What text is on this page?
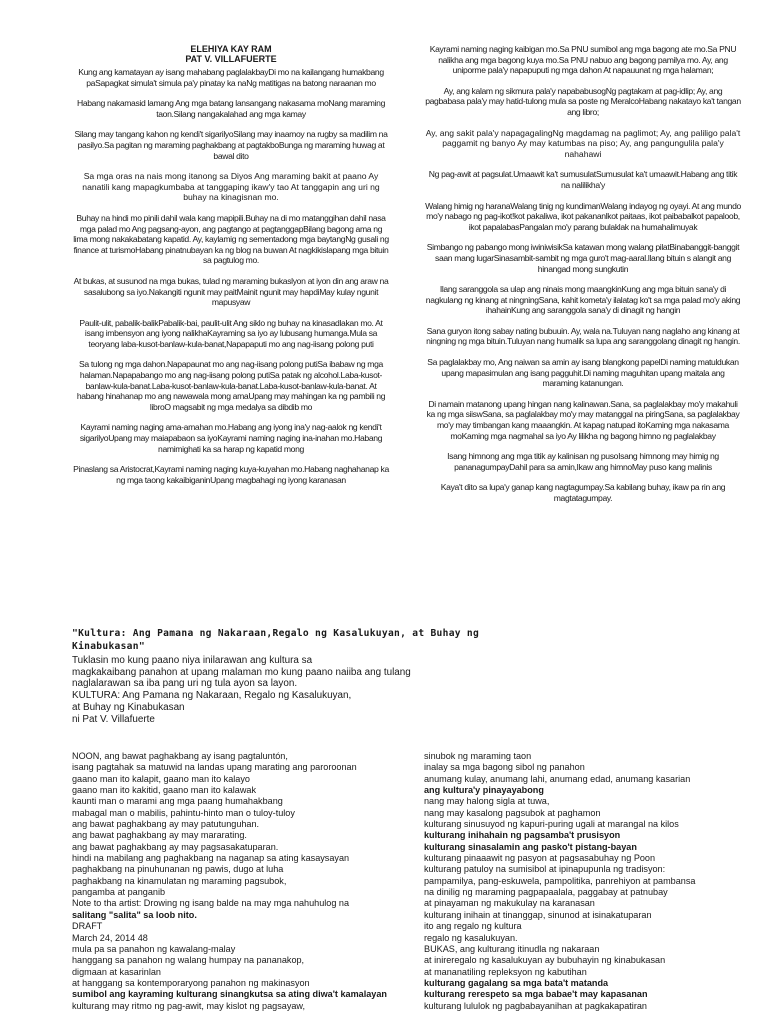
ELEHIYA KAY RAM
PAT V. VILLAFUERTE

Kung ang kamatayan ay isang mahabang paglalakbayDi mo na kailangang humakbang paSapagkat simula't simula pa'y pinatay ka naNg matitigas na batong naraanan mo

Habang nakamasid lamang Ang mga batang lansangang nakasama moNang maraming taon.Silang nangakalahad ang mga kamay

Silang may tangang kahon ng kendi't sigarilyoSilang may inaamoy na rugby sa madilim na pasilyo.Sa pagitan ng maraming paghakbang at pagtakboBunga ng maraming huwag at bawal dito

Sa mga oras na nais mong itanong sa Diyos Ang maraming bakit at paano Ay nanatili kang mapagkumbaba at tanggaping ikaw'y tao At tanggapin ang uri ng buhay na kinagisnan mo.

Buhay na hindi mo pinili dahil wala kang mapipili.Buhay na di mo matanggihan dahil nasa mga palad mo Ang pagsang-ayon, ang pagtango at pagtanggapBilang bagong ama ng lima mong nakakabatang kapatid. Ay, kaylamig ng sementadong mga baytangNg gusali ng finance at turismoHabang pinatnubayan ka ng blog na buwan At nagkikislapang mga bituin sa pagtulog mo.

At bukas, at susunod na mga bukas, tulad ng maraming bukaslyon at iyon din ang araw na sasalubong sa iyo.Nakangiti ngunit may paitMainit ngunit may hapdiMay kulay ngunit mapusyaw

Paulit-ulit, pabalik-balikPabalik-bai, paulit-ulit Ang siklo ng buhay na kinasadlakan mo. At isang imbensyon ang iyong nalikhaKayraming sa iyo ay lubusang humanga.Mula sa teoryang laba-kusot-banlaw-kula-banat,Napapaputi mo ang nag-iisang polong puti

Sa tulong ng mga dahon.Napapaunat mo ang nag-iisang polong putiSa ibabaw ng mga halaman.Napapabango mo ang nag-iisang polong putiSa patak ng alcohol.Laba-kusot-banlaw-kula-banat.Laba-kusot-banlaw-kula-banat.Laba-kusot-banlaw-kula-banat. At habang hinahanap mo ang nawawala mong amaUpang may mahingan ka ng pambili ng libroO magsabit ng mga medalya sa dibdib mo

Kayrami naming naging ama-amahan mo.Habang ang iyong ina'y nag-aalok ng kendi't sigarilyoUpang may maiapabaon sa iyoKayrami naming naging ina-inahan mo.Habang namimighati ka sa harap ng kapatid mong

Pinaslang sa Aristocrat,Kayrami naming naging kuya-kuyahan mo.Habang naghahanap ka ng mga taong kakaibiganinUpang magbahagi ng iyong karanasan

Kayrami naming naging kaibigan mo.Sa PNU sumibol ang mga bagong ate mo.Sa PNU nalikha ang mga bagong kuya mo.Sa PNU nabuo ang bagong pamilya mo. Ay, ang uniporme pala'y napapuputi ng mga dahon At napauunat ng mga halaman;

Ay, ang kalam ng sikmura pala'y napababusogNg pagtakam at pag-idlip; Ay, ang pagbabasa pala'y may hatid-tulong mula sa poste ng MeralcoHabang nakatayo ka't tangan ang libro;

Ay, ang sakit pala'y napagagalingNg magdamag na paglimot; Ay, ang paliligo pala't paggamit ng banyo Ay may katumbas na piso; Ay, ang pangungulila pala'y nahahawi

Ng pag-awit at pagsulat.Umaawit ka't sumusulatSumusulat ka't umaawit.Habang ang titik na nalilikha'y

Walang himig ng haranaWalang tinig ng kundimanWalang indayog ng oyayi. At ang mundo mo'y nabago ng pag-ikot!kot pakaliwa, ikot pakananlkot paitaas, ikot paibabalkot papaloob, ikot papalabasPangalan mo'y parang bulaklak na humahalimuyak

Simbango ng pabango mong iwiniwisikSa katawan mong walang pilatBinabanggit-banggit saan mang lugarSinasambit-sambit ng mga guro't mag-aaral.llang bituin s alangit ang hinangad mong sungkutin

Ilang saranggola sa ulap ang ninais mong maangkinKung ang mga bituin sana'y di nagkulang ng kinang at ningningSana, kahit kometa'y ilalatag ko't sa mga palad mo'y aking ihahainKung ang saranggola sana'y di dinagit ng hangin

Sana guryon itong sabay nating bubuuin. Ay, wala na.Tuluyan nang naglaho ang kinang at ningning ng mga bituin.Tuluyan nang humalik sa lupa ang saranggolang dinagit ng hangin.

Sa paglalakbay mo, Ang naiwan sa amin ay isang blangkong papelDi naming matuldukan upang mapasimulan ang isang pagguhit.Di naming maguhitan upang maitala ang maraming katanungan.

Di namain matanong upang hingan nang kalinawan.Sana, sa paglalakbay mo'y makahuli ka ng mga siiswSana, sa paglalakbay mo'y may matanggal na piringSana, sa paglalakbay mo'y may timbangan kang maaangkin. At kapag natupad itoKaming mga nakasama moKaming mga nagmahal sa iyo Ay lilikha ng bagong himno ng paglalakbay

Isang himnong ang mga titik ay kalinisan ng pusoIsang himnong may himig ng pananagumpayDahil para sa amin,Ikaw ang himnoMay puso kang malinis

Kaya't dito sa lupa'y ganap kang nagtagumpay.Sa kabilang buhay, ikaw pa rin ang magtatagumpay.

"Kultura: Ang Pamana ng Nakaraan,Regalo ng Kasalukuyan, at Buhay ng
Kinabukasan"
Tuklasin mo kung paano niya inilarawan ang kultura sa
magkakaibang panahon at upang malaman mo kung paano naiiba ang tulang
naglalarawan sa iba pang uri ng tula ayon sa layon.
KULTURA: Ang Pamana ng Nakaraan, Regalo ng Kasalukuyan,
at Buhay ng Kinabukasan
ni Pat V. Villafuerte
NOON, ang bawat paghakbang ay isang pagtaluntón,
isang pagtahak sa matuwid na landas upang marating ang paroroonan
gaano man ito kalapit, gaano man ito kalayo
gaano man ito kakitid, gaano man ito kalawak
kaunti man o marami ang mga paang humahakbang
mabagal man o mabilis, pahintu-hinto man o tuloy-tuloy
ang bawat paghakbang ay may patutunguhan.
ang bawat paghakbang ay may mararating.
ang bawat paghakbang ay may pagsasakatuparan.
hindi na mabilang ang paghakbang na naganap sa ating kasaysayan
paghakbang na pinuhunanan ng pawis, dugo at luha
paghakbang na kinamulatan ng maraming pagsubok,
pangamba at panganib
Note to tha artist: Drowing ng isang balde na may mga nahuhulog na
salitang "salita" sa loob nito.
DRAFT
March 24, 2014 48
mula pa sa panahon ng kawalang-malay
hanggang sa panahon ng walang humpay na pananakop,
digmaan at kasarinlan
at hanggang sa kontemporaryong panahon ng makinasyon
sumibol ang kayraming kulturang sinangkutsa sa ating diwa't kamalayan
kulturang may ritmo ng pag-awit, may kislot ng pagsayaw,
sinubok ng maraming taon
inalay sa mga bagong sibol ng panahon
anumang kulay, anumang lahi, anumang edad, anumang kasarian
ang kultura'y pinayayabong
nang may halong sigla at tuwa,
nang may kasalong pagsubok at paghamon
kulturang sinusuyod ng kapuri-puring ugali at marangal na kilos
kulturang inihahain ng pagsamba't prusisyon
kulturang sinasalamin ang pasko't pistang-bayan
kulturang pinaaawit ng pasyon at pagsasabuhay ng Poon
kulturang patuloy na sumisibol at ipinapupunla ng tradisyon:
pampamilya, pang-eskuwela, pampolitika, panrehiyon at pambansa
na dinilig ng maraming pagpapaalala, paggabay at patnubay
at pinayaman ng makukulay na karanasan
kulturang inihain at tinanggap, sinunod at isinakatuparan
ito ang regalo ng kultura
regalo ng kasalukuyan.
BUKAS, ang kulturang itinudla ng nakaraan
at inireregalo ng kasalukuyan ay bubuhayin ng kinabukasan
at mananatiling repleksyon ng kabutihan
kulturang gagalang sa mga bata't matanda
kulturang rerespeto sa mga babae't may kapasanan
kulturang lululok ng pagbabayanihan at pagkakapatiran
